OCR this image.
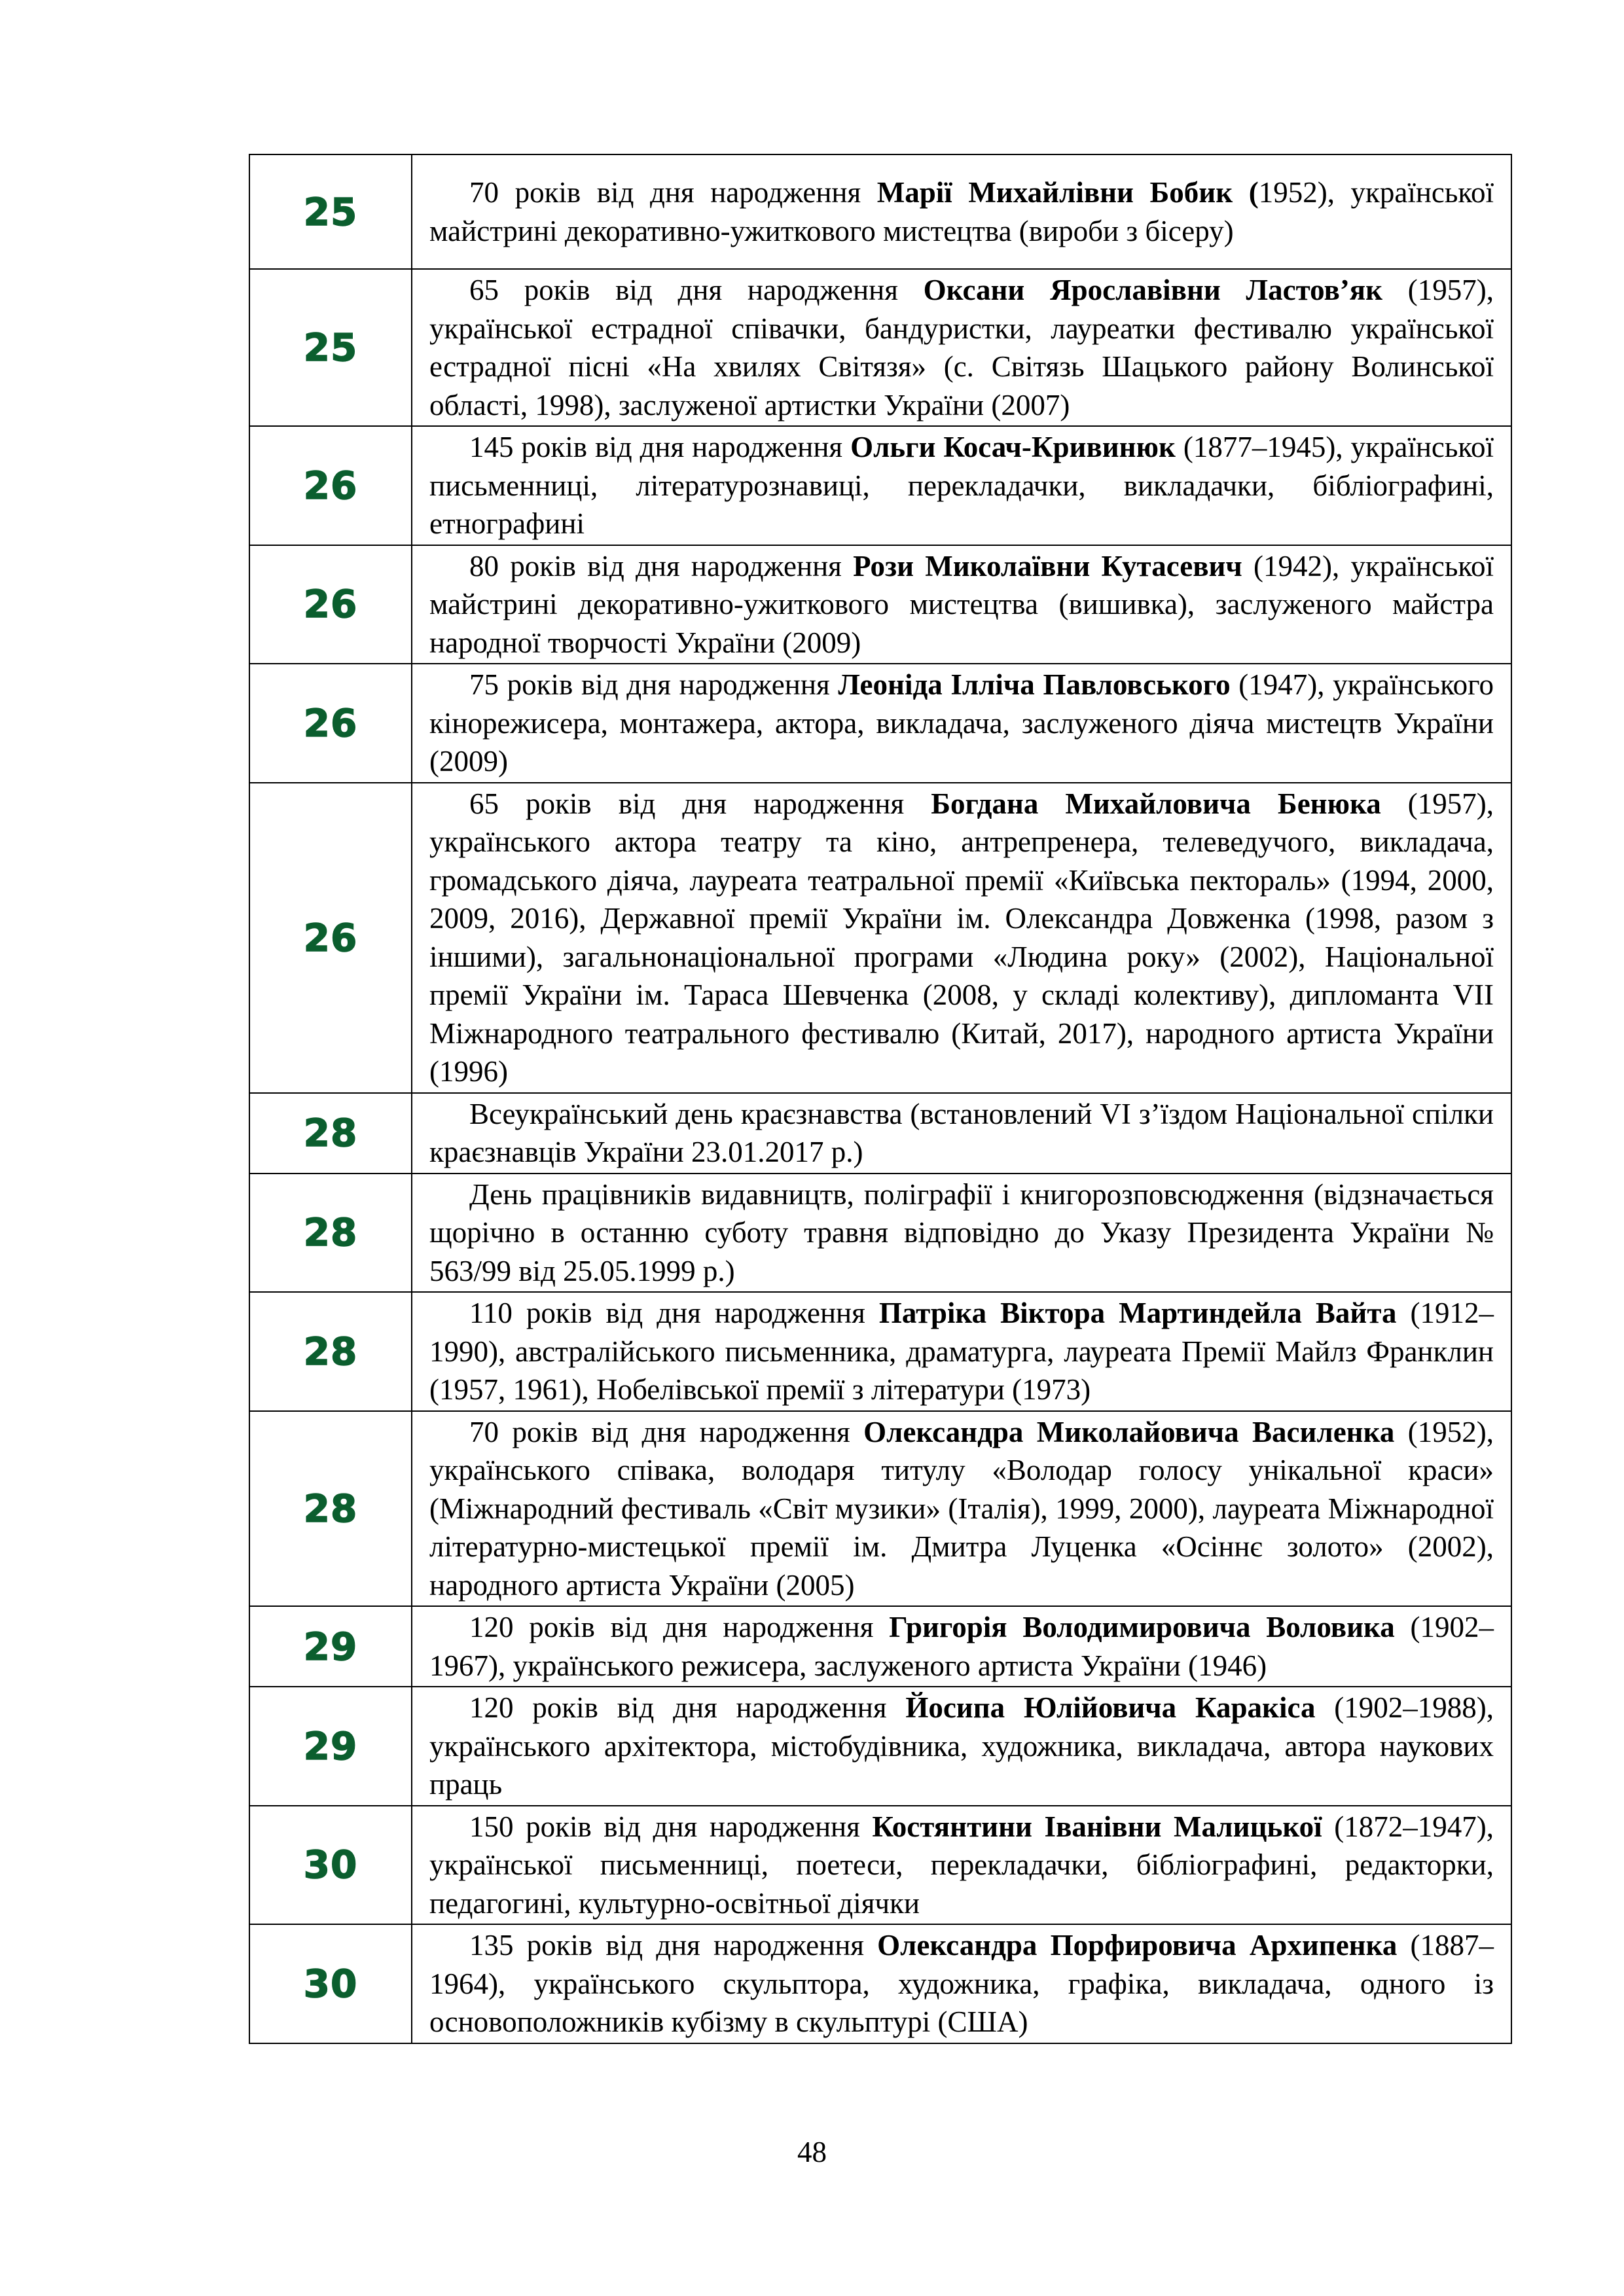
25	70 років від дня народження Марії Михайлівни Бобик (1952), української майстрині декоративно-ужиткового мистецтва (вироби з бісеру)

25	65 років від дня народження Оксани Ярославівни Ластов’як (1957), української естрадної співачки, бандуристки, лауреатки фестивалю української естрадної пісні «На хвилях Світязя» (с. Світязь Шацького району Волинської області, 1998), заслуженої артистки України (2007)

26	145 років від дня народження Ольги Косач-Кривинюк (1877–1945), української письменниці, літературознавиці, перекладачки, викладачки, бібліографині, етнографині

26	80 років від дня народження Рози Миколаївни Кутасевич (1942), української майстрині декоративно-ужиткового мистецтва (вишивка), заслуженого майстра народної творчості України (2009)

26	75 років від дня народження Леоніда Ілліча Павловського (1947), українського кінорежисера, монтажера, актора, викладача, заслуженого діяча мистецтв України (2009)

26	65 років від дня народження Богдана Михайловича Бенюка (1957), українського актора театру та кіно, антрепренера, телеведучого, викладача, громадського діяча, лауреата театральної премії «Київська пектораль» (1994, 2000, 2009, 2016), Державної премії України ім. Олександра Довженка (1998, разом з іншими), загальнонаціональної програми «Людина року» (2002), Національної премії України ім. Тараса Шевченка (2008, у складі колективу), дипломанта VII Міжнародного театрального фестивалю (Китай, 2017), народного артиста України (1996)

28	Всеукраїнський день краєзнавства (встановлений VI з’їздом Національної спілки краєзнавців України 23.01.2017 р.)

28	День працівників видавництв, поліграфії і книгорозповсюдження (відзначається щорічно в останню суботу травня відповідно до Указу Президента України № 563/99 від 25.05.1999 р.)

28	110 років від дня народження Патріка Віктора Мартиндейла Вайта (1912–1990), австралійського письменника, драматурга, лауреата Премії Майлз Франклин (1957, 1961), Нобелівської премії з літератури (1973)

28	70 років від дня народження Олександра Миколайовича Василенка (1952), українського співака, володаря титулу «Володар голосу унікальної краси» (Міжнародний фестиваль «Світ музики» (Італія), 1999, 2000), лауреата Міжнародної літературно-мистецької премії ім. Дмитра Луценка «Осіннє золото» (2002), народного артиста України (2005)

29	120 років від дня народження Григорія Володимировича Воловика (1902–1967), українського режисера, заслуженого артиста України (1946)

29	120 років від дня народження Йосипа Юлійовича Каракіса (1902–1988), українського архітектора, містобудівника, художника, викладача, автора наукових праць

30	150 років від дня народження Костянтини Іванівни Малицької (1872–1947), української письменниці, поетеси, перекладачки, бібліографині, редакторки, педагогині, культурно-освітньої діячки

30	135 років від дня народження Олександра Порфировича Архипенка (1887–1964), українського скульптора, художника, графіка, викладача, одного із основоположників кубізму в скульптурі (США)

48
